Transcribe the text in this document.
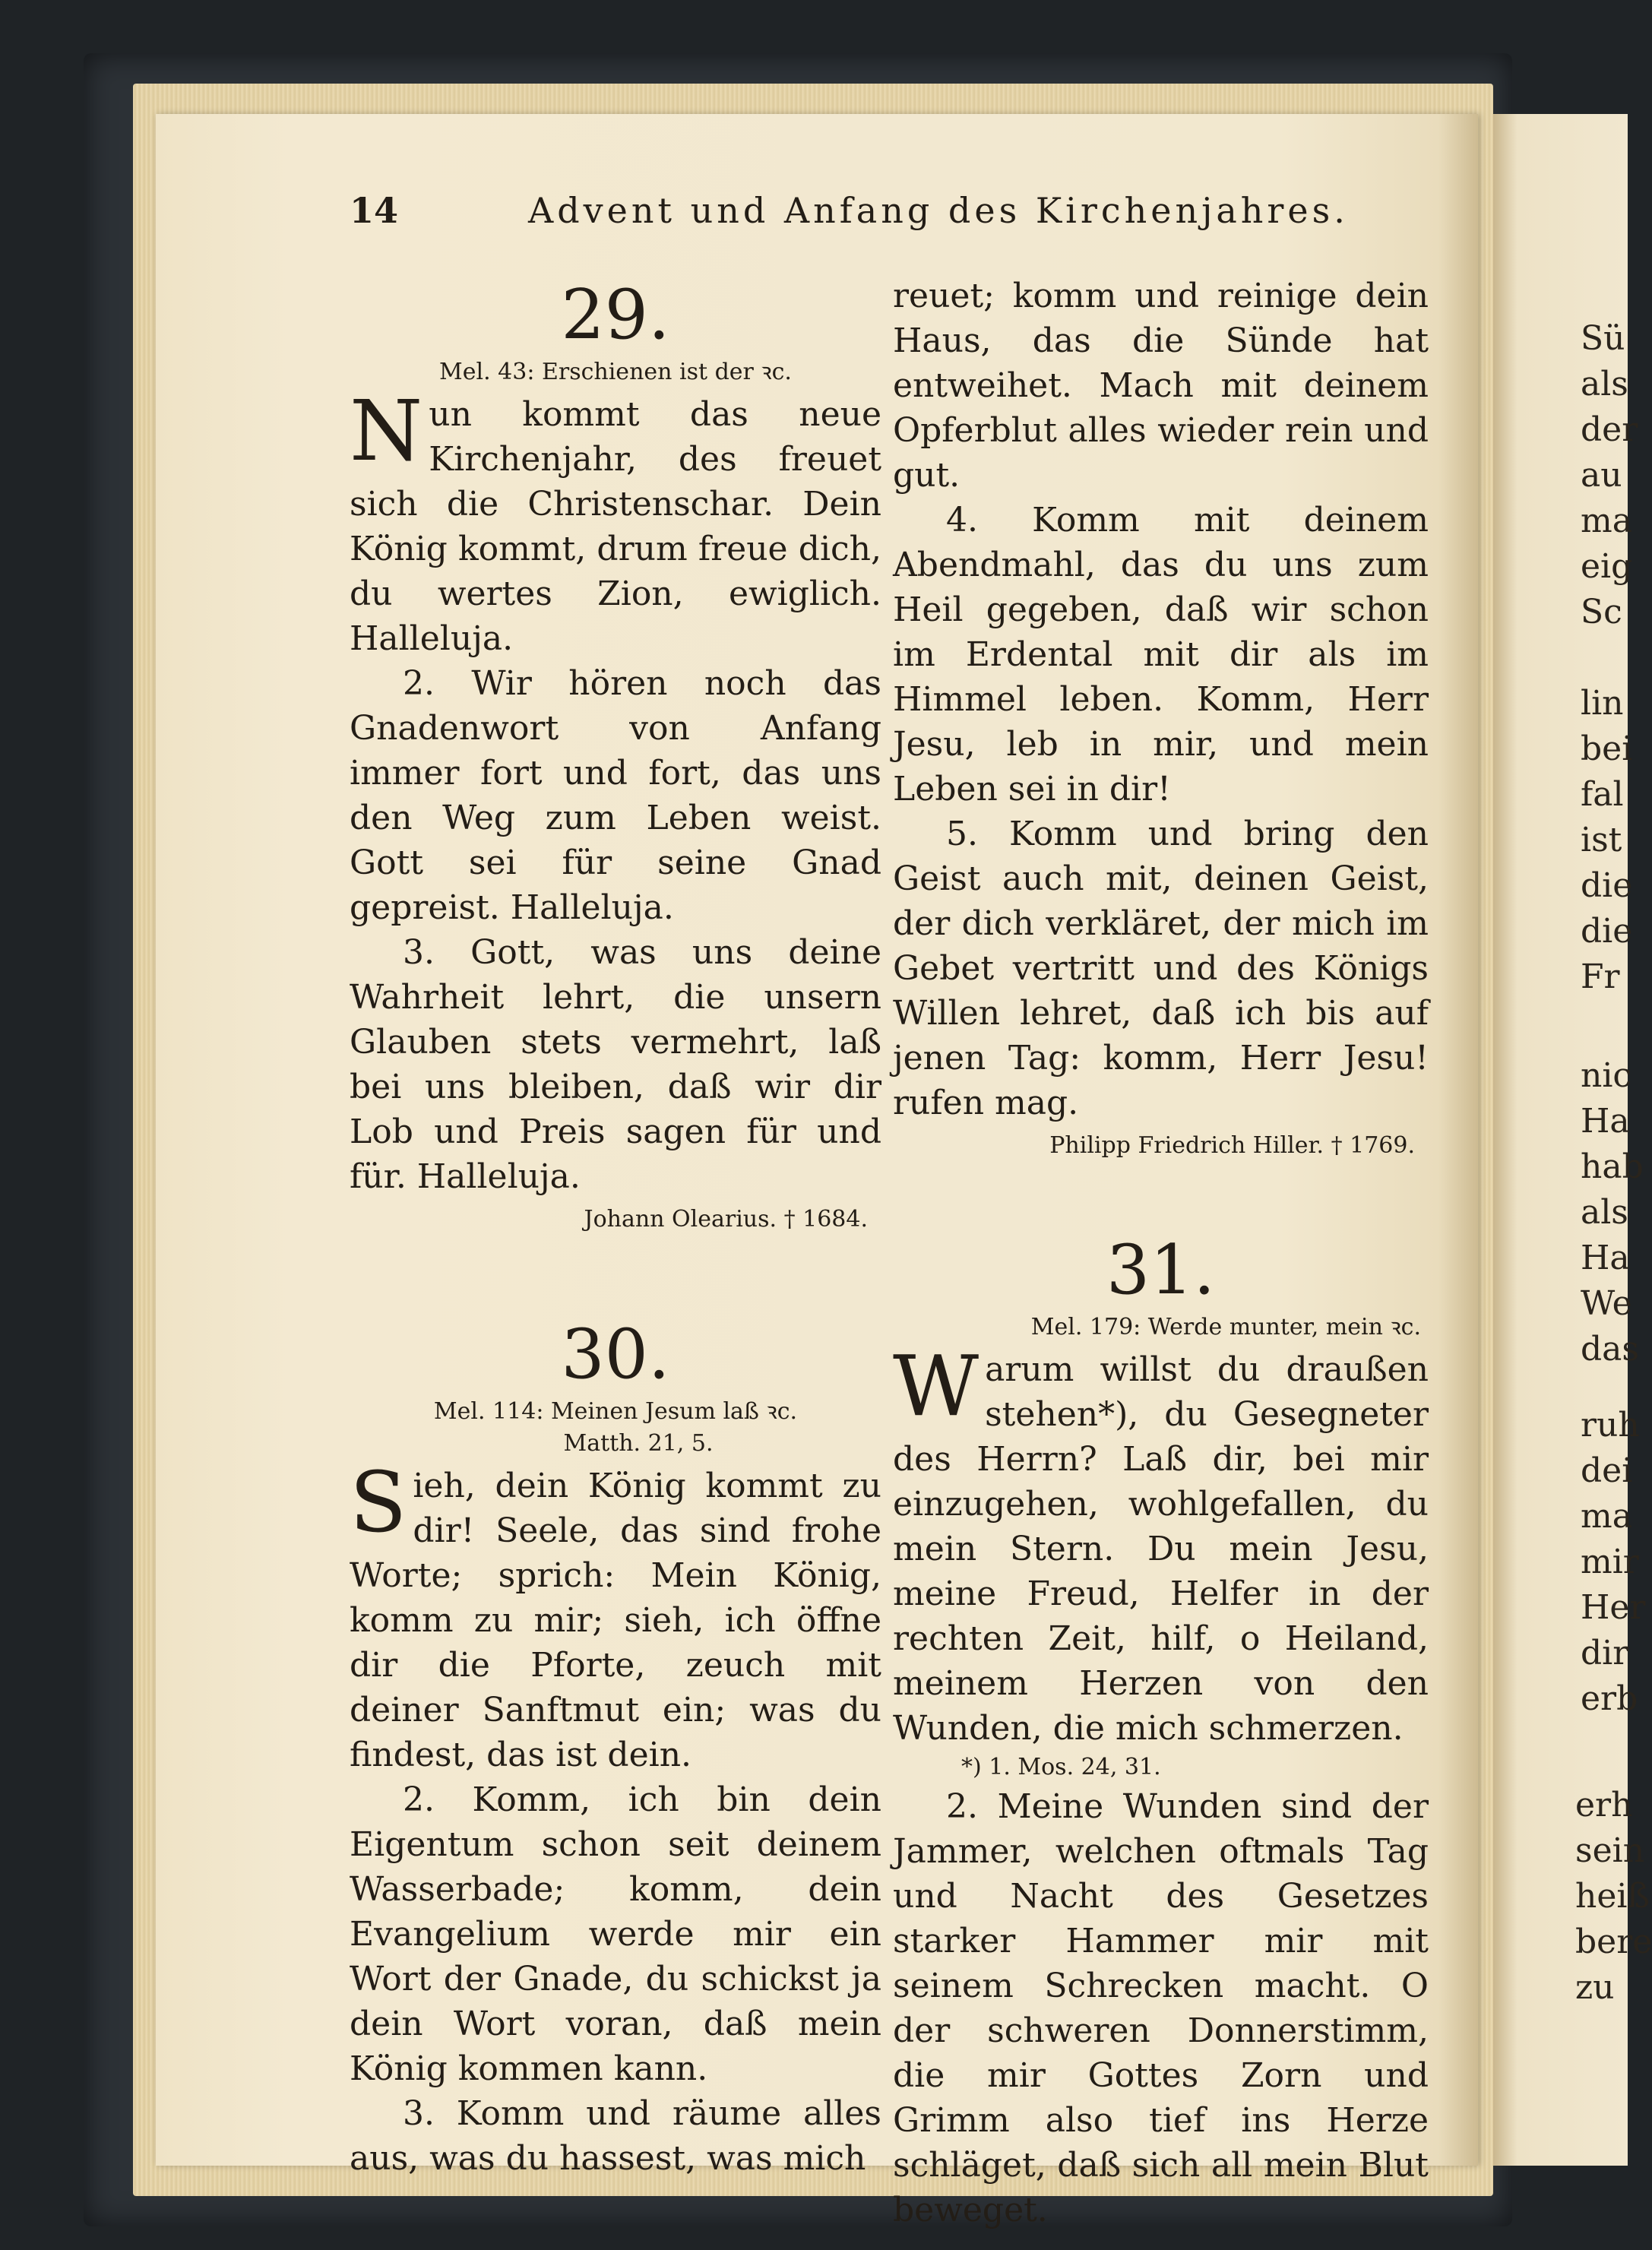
Sü
als
der
au
ma
eig
Sc
lin
bei
fal
ist
die
die
Fr
nic
Ha
hab
als
Ha
We
das
ruh
dei
ma
mir
Her
dir
erb
erh
sein
heiß
bere
zu
14	Advent und Anfang des Kirchenjahres.

29.

Mel. 43: Erschienen ist der ꝛc.

Nun kommt das neue Kirchenjahr, des freuet sich die Christenschar. Dein König kommt, drum freue dich, du wertes Zion, ewiglich. Halleluja.

2. Wir hören noch das Gnadenwort von Anfang immer fort und fort, das uns den Weg zum Leben weist. Gott sei für seine Gnad gepreist. Halleluja.

3. Gott, was uns deine Wahrheit lehrt, die unsern Glauben stets vermehrt, laß bei uns bleiben, daß wir dir Lob und Preis sagen für und für. Halleluja.

Johann Olearius. † 1684.

30.

Mel. 114: Meinen Jesum laß ꝛc.

Matth. 21, 5.

Sieh, dein König kommt zu dir! Seele, das sind frohe Worte; sprich: Mein König, komm zu mir; sieh, ich öffne dir die Pforte, zeuch mit deiner Sanftmut ein; was du findest, das ist dein.

2. Komm, ich bin dein Eigentum schon seit deinem Wasserbade; komm, dein Evangelium werde mir ein Wort der Gnade, du schickst ja dein Wort voran, daß mein König kommen kann.

3. Komm und räume alles aus, was du hassest, was mich

reuet; komm und reinige dein Haus, das die Sünde hat entweihet. Mach mit deinem Opferblut alles wieder rein und gut.

4. Komm mit deinem Abendmahl, das du uns zum Heil gegeben, daß wir schon im Erdental mit dir als im Himmel leben. Komm, Herr Jesu, leb in mir, und mein Leben sei in dir!

5. Komm und bring den Geist auch mit, deinen Geist, der dich verkläret, der mich im Gebet vertritt und des Königs Willen lehret, daß ich bis auf jenen Tag: komm, Herr Jesu! rufen mag.

Philipp Friedrich Hiller. † 1769.

31.

Mel. 179: Werde munter, mein ꝛc.

Warum willst du draußen stehen*), du Gesegneter des Herrn? Laß dir, bei mir einzugehen, wohlgefallen, du mein Stern. Du mein Jesu, meine Freud, Helfer in der rechten Zeit, hilf, o Heiland, meinem Herzen von den Wunden, die mich schmerzen.

*) 1. Mos. 24, 31.

2. Meine Wunden sind der Jammer, welchen oftmals Tag und Nacht des Gesetzes starker Hammer mir mit seinem Schrecken macht. O der schweren Donnerstimm, die mir Gottes Zorn und Grimm also tief ins Herze schläget, daß sich all mein Blut beweget.
